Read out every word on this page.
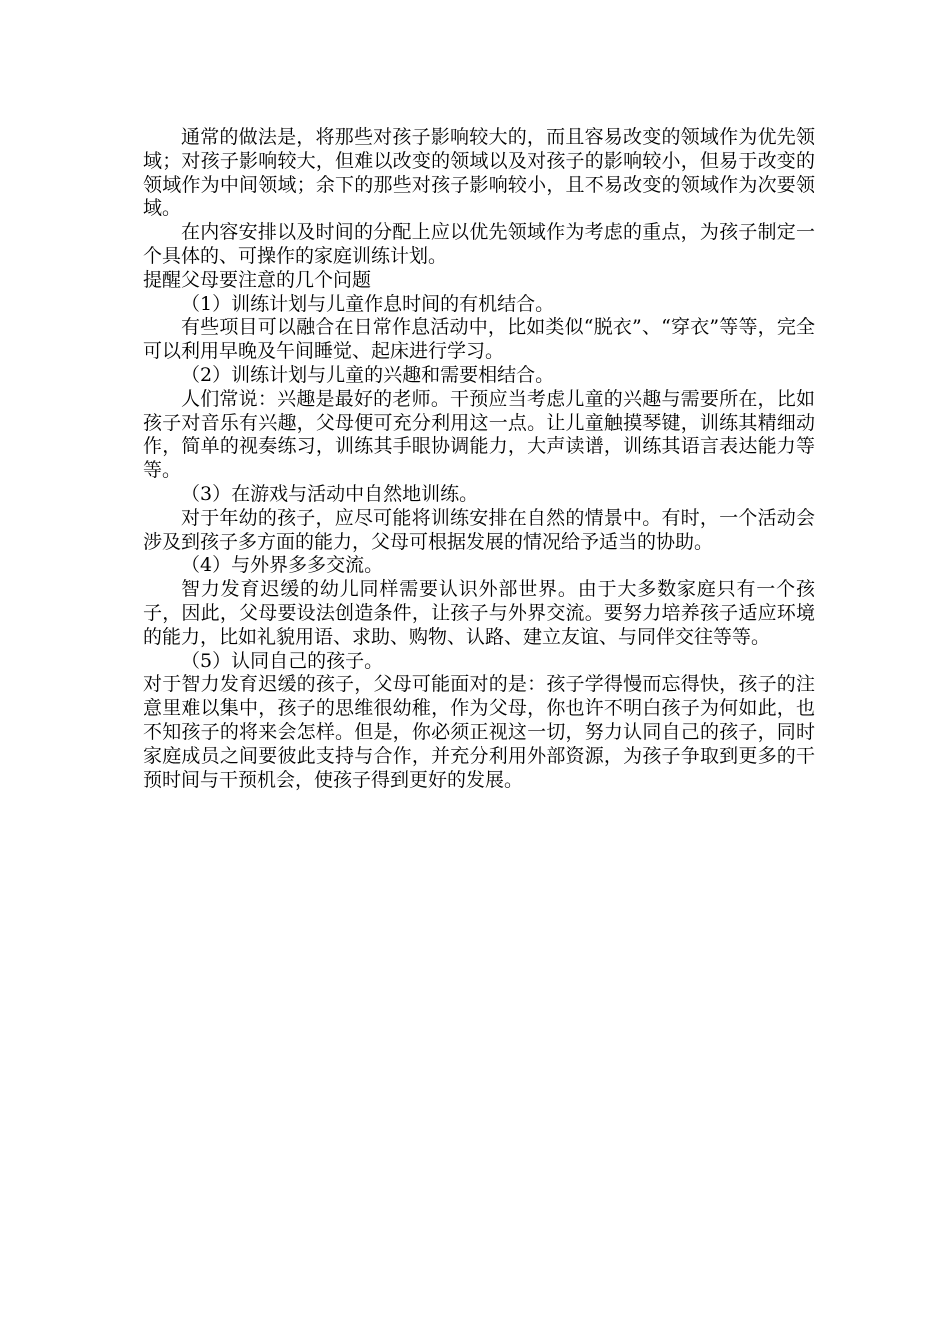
通常的做法是，将那些对孩子影响较大的，而且容易改变的领域作为优先领域；对孩子影响较大，但难以改变的领域以及对孩子的影响较小，但易于改变的领域作为中间领域；余下的那些对孩子影响较小，且不易改变的领域作为次要领域。

在内容安排以及时间的分配上应以优先领域作为考虑的重点，为孩子制定一个具体的、可操作的家庭训练计划。

提醒父母要注意的几个问题

（1）训练计划与儿童作息时间的有机结合。

有些项目可以融合在日常作息活动中，比如类似“脱衣”、“穿衣”等等，完全可以利用早晚及午间睡觉、起床进行学习。

（2）训练计划与儿童的兴趣和需要相结合。

人们常说：兴趣是最好的老师。干预应当考虑儿童的兴趣与需要所在，比如孩子对音乐有兴趣，父母便可充分利用这一点。让儿童触摸琴键，训练其精细动作，简单的视奏练习，训练其手眼协调能力，大声读谱，训练其语言表达能力等等。

（3）在游戏与活动中自然地训练。

对于年幼的孩子，应尽可能将训练安排在自然的情景中。有时，一个活动会涉及到孩子多方面的能力，父母可根据发展的情况给予适当的协助。

（4）与外界多多交流。

智力发育迟缓的幼儿同样需要认识外部世界。由于大多数家庭只有一个孩子，因此，父母要设法创造条件，让孩子与外界交流。要努力培养孩子适应环境的能力，比如礼貌用语、求助、购物、认路、建立友谊、与同伴交往等等。

（5）认同自己的孩子。

对于智力发育迟缓的孩子，父母可能面对的是：孩子学得慢而忘得快，孩子的注意里难以集中，孩子的思维很幼稚，作为父母，你也许不明白孩子为何如此，也不知孩子的将来会怎样。但是，你必须正视这一切，努力认同自己的孩子，同时家庭成员之间要彼此支持与合作，并充分利用外部资源，为孩子争取到更多的干预时间与干预机会，使孩子得到更好的发展。
